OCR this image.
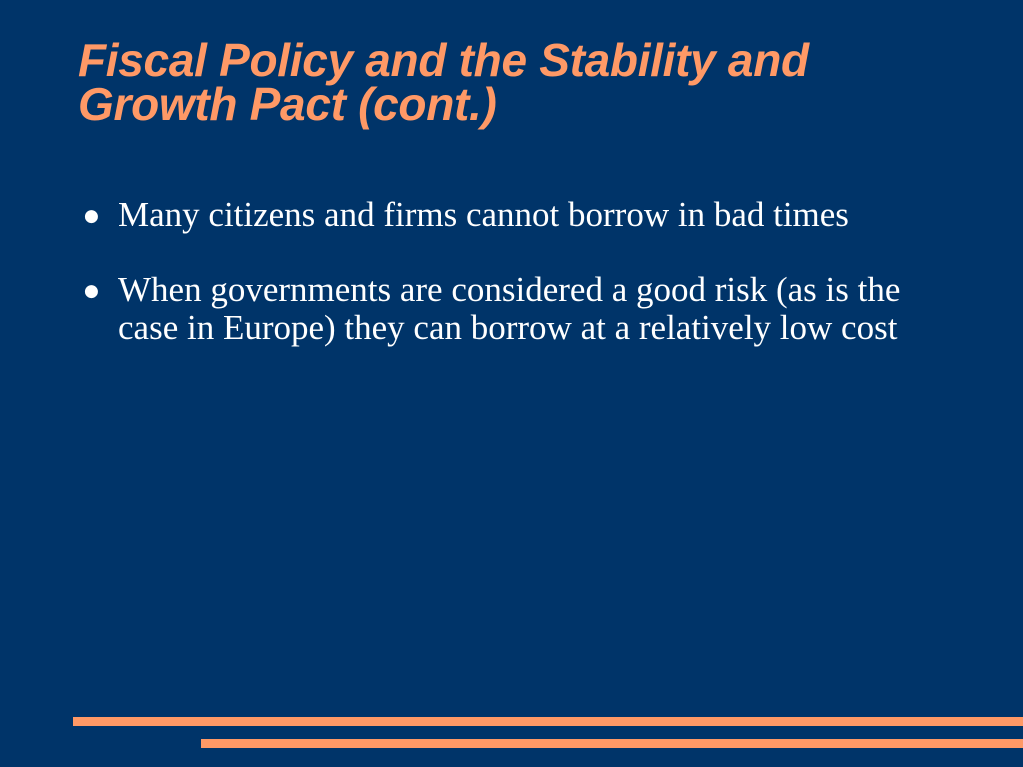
Fiscal Policy and the Stability and Growth Pact (cont.)
● Many citizens and firms cannot borrow in bad times
● When governments are considered a good risk (as is the case in Europe) they can borrow at a relatively low cost
